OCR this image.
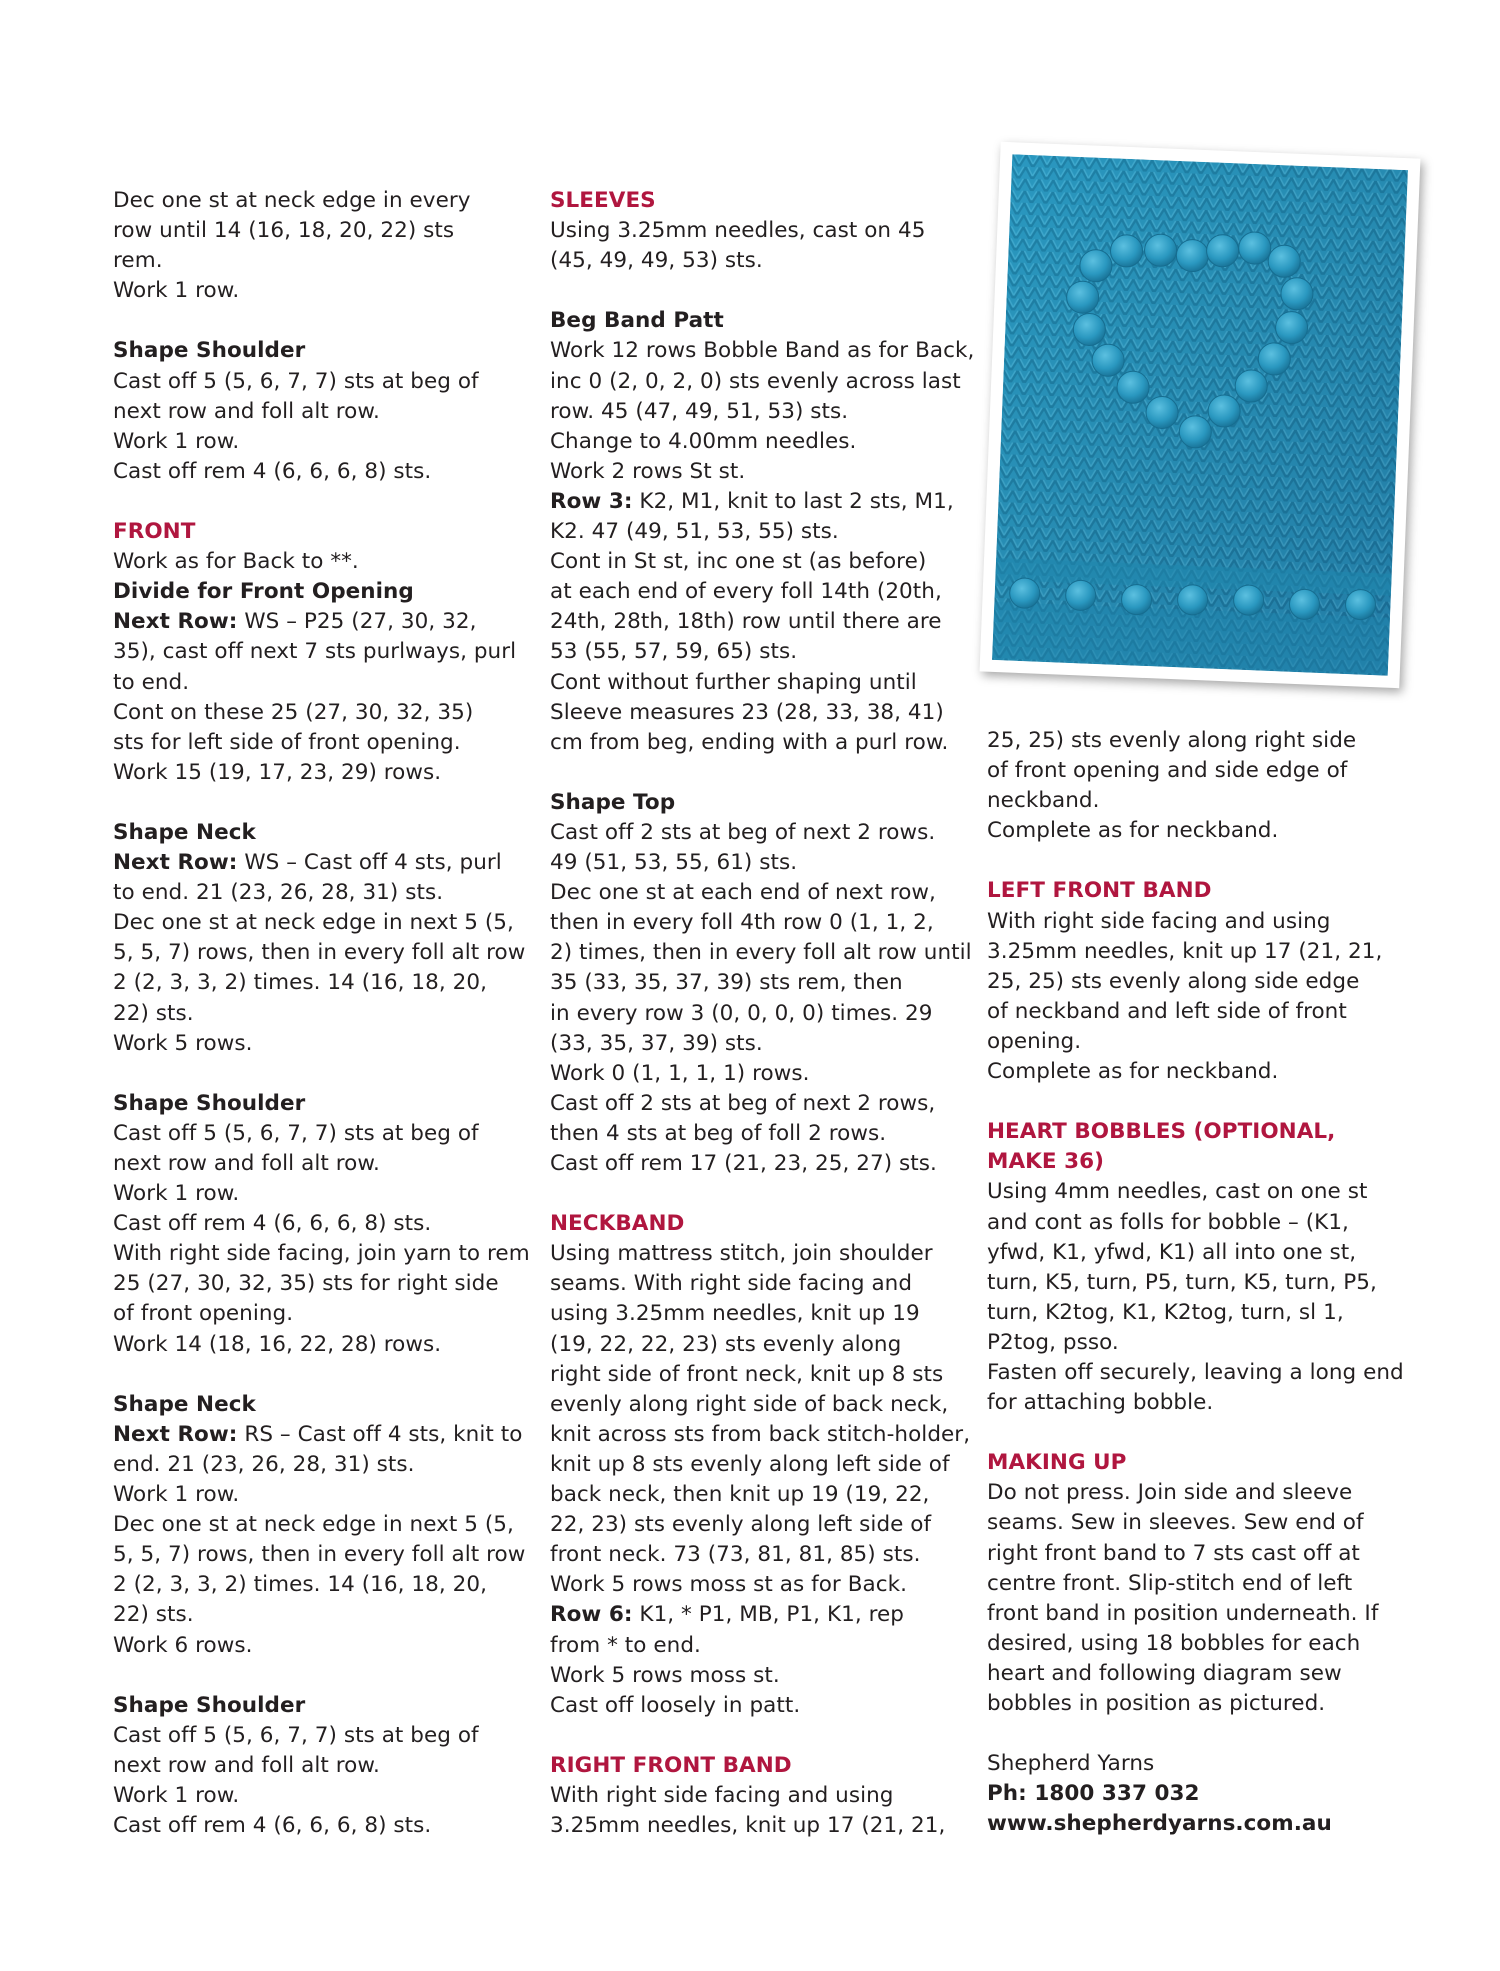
Dec one st at neck edge in every
row until 14 (16, 18, 20, 22) sts
rem.
Work 1 row.
Shape Shoulder
Cast off 5 (5, 6, 7, 7) sts at beg of
next row and foll alt row.
Work 1 row.
Cast off rem 4 (6, 6, 6, 8) sts.
FRONT
Work as for Back to **.
Divide for Front Opening
Next Row: WS – P25 (27, 30, 32,
35), cast off next 7 sts purlways, purl
to end.
Cont on these 25 (27, 30, 32, 35)
sts for left side of front opening.
Work 15 (19, 17, 23, 29) rows.
Shape Neck
Next Row: WS – Cast off 4 sts, purl
to end. 21 (23, 26, 28, 31) sts.
Dec one st at neck edge in next 5 (5,
5, 5, 7) rows, then in every foll alt row
2 (2, 3, 3, 2) times. 14 (16, 18, 20,
22) sts.
Work 5 rows.
Shape Shoulder
Cast off 5 (5, 6, 7, 7) sts at beg of
next row and foll alt row.
Work 1 row.
Cast off rem 4 (6, 6, 6, 8) sts.
With right side facing, join yarn to rem
25 (27, 30, 32, 35) sts for right side
of front opening.
Work 14 (18, 16, 22, 28) rows.
Shape Neck
Next Row: RS – Cast off 4 sts, knit to
end. 21 (23, 26, 28, 31) sts.
Work 1 row.
Dec one st at neck edge in next 5 (5,
5, 5, 7) rows, then in every foll alt row
2 (2, 3, 3, 2) times. 14 (16, 18, 20,
22) sts.
Work 6 rows.
Shape Shoulder
Cast off 5 (5, 6, 7, 7) sts at beg of
next row and foll alt row.
Work 1 row.
Cast off rem 4 (6, 6, 6, 8) sts.
SLEEVES
Using 3.25mm needles, cast on 45
(45, 49, 49, 53) sts.
Beg Band Patt
Work 12 rows Bobble Band as for Back,
inc 0 (2, 0, 2, 0) sts evenly across last
row. 45 (47, 49, 51, 53) sts.
Change to 4.00mm needles.
Work 2 rows St st.
Row 3: K2, M1, knit to last 2 sts, M1,
K2. 47 (49, 51, 53, 55) sts.
Cont in St st, inc one st (as before)
at each end of every foll 14th (20th,
24th, 28th, 18th) row until there are
53 (55, 57, 59, 65) sts.
Cont without further shaping until
Sleeve measures 23 (28, 33, 38, 41)
cm from beg, ending with a purl row.
Shape Top
Cast off 2 sts at beg of next 2 rows.
49 (51, 53, 55, 61) sts.
Dec one st at each end of next row,
then in every foll 4th row 0 (1, 1, 2,
2) times, then in every foll alt row until
35 (33, 35, 37, 39) sts rem, then
in every row 3 (0, 0, 0, 0) times. 29
(33, 35, 37, 39) sts.
Work 0 (1, 1, 1, 1) rows.
Cast off 2 sts at beg of next 2 rows,
then 4 sts at beg of foll 2 rows.
Cast off rem 17 (21, 23, 25, 27) sts.
NECKBAND
Using mattress stitch, join shoulder
seams. With right side facing and
using 3.25mm needles, knit up 19
(19, 22, 22, 23) sts evenly along
right side of front neck, knit up 8 sts
evenly along right side of back neck,
knit across sts from back stitch-holder,
knit up 8 sts evenly along left side of
back neck, then knit up 19 (19, 22,
22, 23) sts evenly along left side of
front neck. 73 (73, 81, 81, 85) sts.
Work 5 rows moss st as for Back.
Row 6: K1, * P1, MB, P1, K1, rep
from * to end.
Work 5 rows moss st.
Cast off loosely in patt.
RIGHT FRONT BAND
With right side facing and using
3.25mm needles, knit up 17 (21, 21,
25, 25) sts evenly along right side
of front opening and side edge of
neckband.
Complete as for neckband.
LEFT FRONT BAND
With right side facing and using
3.25mm needles, knit up 17 (21, 21,
25, 25) sts evenly along side edge
of neckband and left side of front
opening.
Complete as for neckband.
HEART BOBBLES (OPTIONAL,
MAKE 36)
Using 4mm needles, cast on one st
and cont as folls for bobble – (K1,
yfwd, K1, yfwd, K1) all into one st,
turn, K5, turn, P5, turn, K5, turn, P5,
turn, K2tog, K1, K2tog, turn, sl 1,
P2tog, psso.
Fasten off securely, leaving a long end
for attaching bobble.
MAKING UP
Do not press. Join side and sleeve
seams. Sew in sleeves. Sew end of
right front band to 7 sts cast off at
centre front. Slip-stitch end of left
front band in position underneath. If
desired, using 18 bobbles for each
heart and following diagram sew
bobbles in position as pictured.
Shepherd Yarns
Ph: 1800 337 032
www.shepherdyarns.com.au
